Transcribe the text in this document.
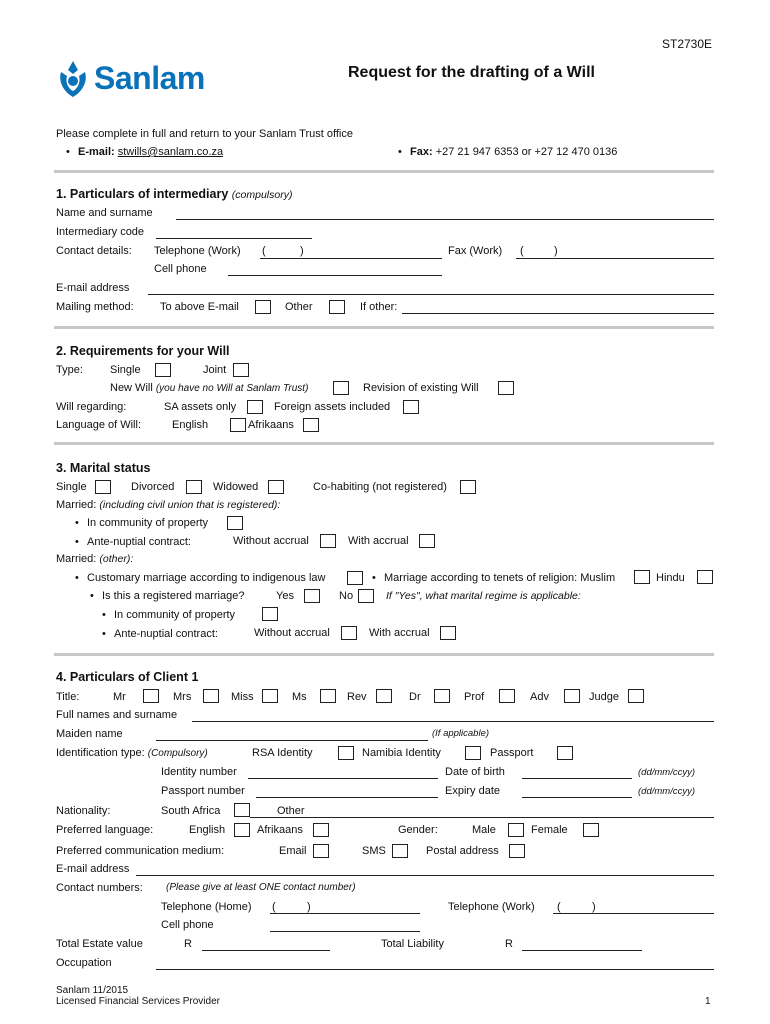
ST2730E
Sanlam	Request for the drafting of a Will
Please complete in full and return to your Sanlam Trust office
• E-mail: stwills@sanlam.co.za	• Fax: +27 21 947 6353 or +27 12 470 0136
1. Particulars of intermediary (compulsory)
Name and surname
Intermediary code
Contact details: Telephone (Work) (	)	Fax (Work) (	)
Cell phone
E-mail address
Mailing method: To above E-mail	Other	If other:
2. Requirements for your Will
Type: Single	Joint
New Will (you have no Will at Sanlam Trust)	Revision of existing Will
Will regarding:	SA assets only	Foreign assets included
Language of Will:	English	Afrikaans
3. Marital status
Single	Divorced	Widowed	Co-habiting (not registered)
Married: (including civil union that is registered):
• In community of property
• Ante-nuptial contract:	Without accrual	With accrual
Married: (other):
• Customary marriage according to indigenous law	• Marriage according to tenets of religion: Muslim	Hindu
• Is this a registered marriage?	Yes	No	If "Yes", what marital regime is applicable:
• In community of property
• Ante-nuptial contract:	Without accrual	With accrual
4. Particulars of Client 1
Title:	Mr	Mrs	Miss	Ms	Rev	Dr	Prof	Adv	Judge
Full names and surname
Maiden name	(If applicable)
Identification type: (Compulsory)	RSA Identity	Namibia Identity	Passport
Identity number	Date of birth	(dd/mm/ccyy)
Passport number	Expiry date	(dd/mm/ccyy)
Nationality:	South Africa	Other
Preferred language:	English	Afrikaans	Gender:	Male	Female
Preferred communication medium:	Email	SMS	Postal address
E-mail address
Contact numbers: (Please give at least ONE contact number)
Telephone (Home) (	)	Telephone (Work) (	)
Cell phone
Total Estate value	R	Total Liability	R
Occupation
Sanlam 11/2015
Licensed Financial Services Provider	1
